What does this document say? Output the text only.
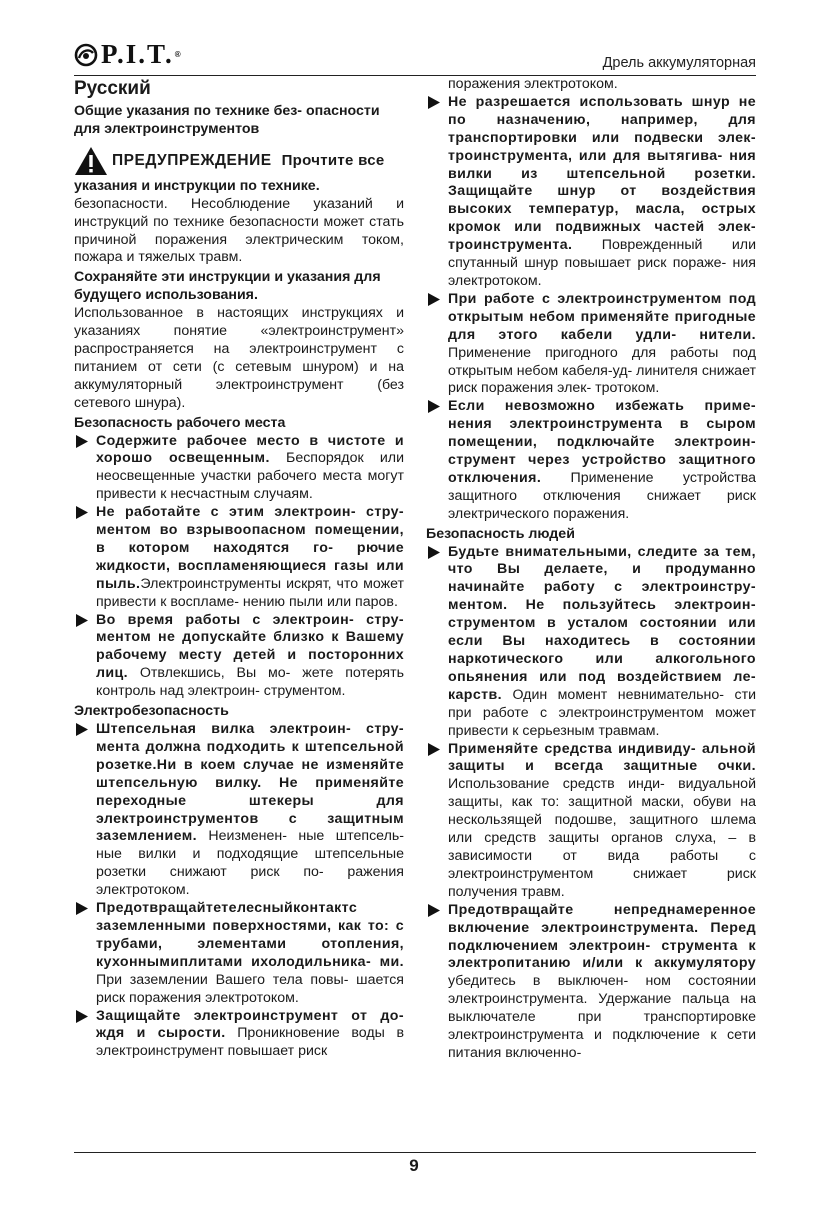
P.I.T. ®
Дрель аккумуляторная
Русский
Общие указания по технике без- опасности для электроинструментов
ПРЕДУПРЕЖДЕНИЕ Прочтите все
указания и инструкции по технике.

безопасности. Несоблюдение указаний и инструкций по технике безопасности может стать причиной поражения электрическим током, пожара и тяжелых травм.

Сохраняйте эти инструкции и указания для будущего использования.

Использованное в настоящих инструкциях и указаниях понятие «электроинструмент» распространяется на электроинструмент с питанием от сети (с сетевым шнуром) и на аккумуляторный электроинструмент (без сетевого шнура).

Безопасность рабочего места
Содержите рабочее место в чистоте и хорошо освещенным. Беспорядок или неосвещенные участки рабочего места могут привести к несчастным случаям.
Не работайте с этим электроин- стру-ментом во взрывоопасном помещении, в котором находятся го- рючие жидкости, воспламеняющиеся газы или пыль.Электроинструменты искрят, что может привести к воспламе- нению пыли или паров.
Во время работы с электроин- стру-ментом не допускайте близко к Вашему рабочему месту детей и посторонних лиц. Отвлекшись, Вы мо- жете потерять контроль над электроин- струментом.
Электробезопасность
Штепсельная вилка электроин- стру-мента должна подходить к штепсельной розетке.Ни в коем случае не изменяйте штепсельную вилку. Не применяйте переходные штекеры для электроинструментов с защитным заземлением. Неизменен- ные штепсель- ные вилки и подходящие штепсельные розетки снижают риск по- ражения электротоком.
Предотвращайтетелесныйконтактс заземленными поверхностями, как то: с трубами, элементами отопления, кухоннымиплитами ихолодильника- ми. При заземлении Вашего тела повы- шается риск поражения электротоком.
Защищайте электроинструмент от до- ждя и сырости. Проникновение воды в электроинструмент повышает риск

поражения электротоком.

Не разрешается использовать шнур не по назначению, например, для транспортировки или подвески элек- троинструмента, или для вытягива- ния вилки из штепсельной розетки. Защищайте шнур от воздействия высоких температур, масла, острых кромок или подвижных частей элек- троинструмента. Поврежденный или спутанный шнур повышает риск пораже- ния электротоком.
При работе с электроинструментом под открытым небом применяйте пригодные для этого кабели удли- нители. Применение пригодного для работы под открытым небом кабеля-уд- линителя снижает риск поражения элек- тротоком.
Если невозможно избежать приме- нения электроинструмента в сыром помещении, подключайте электроин- струмент через устройство защитного отключения. Применение устройства защитного отключения снижает риск электрического поражения.
Безопасность людей
Будьте внимательными, следите за тем, что Вы делаете, и продуманно начинайте работу с электроинстру- ментом. Не пользуйтесь электроин- струментом в усталом состоянии или если Вы находитесь в состоянии наркотического или алкогольного опьянения или под воздействием ле- карств. Один момент невнимательно- сти при работе с электроинструментом может привести к серьезным травмам.
Применяйте средства индивиду- альной защиты и всегда защитные очки. Использование средств инди- видуальной защиты, как то: защитной маски, обуви на нескользящей подошве, защитного шлема или средств защиты органов слуха, – в зависимости от вида работы с электроинструментом снижает риск получения травм.
Предотвращайте непреднамеренное включение электроинструмента. Перед подключением электроин- струмента к электропитанию и/или к аккумулятору убедитесь в выключен- ном состоянии электроинструмента. Удержание пальца на выключателе при транспортировке электроинструмента и подключение к сети питания включенно-
9
